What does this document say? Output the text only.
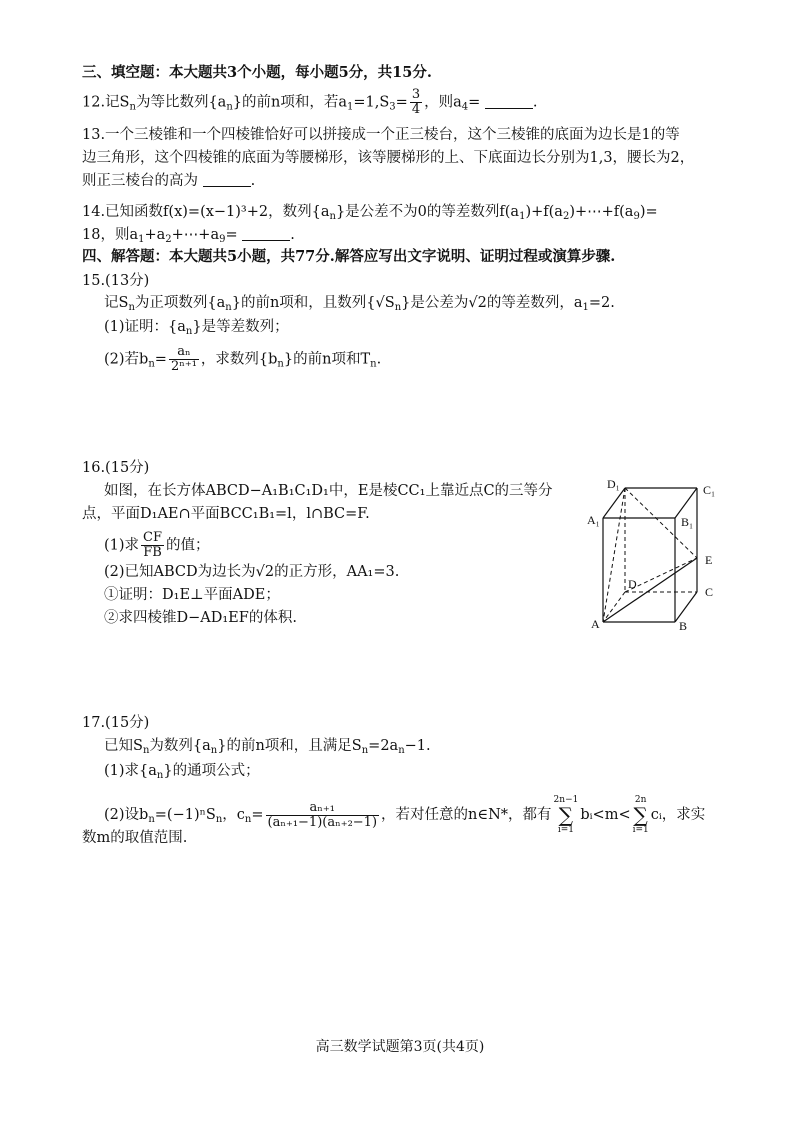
三、填空题：本大题共3个小题，每小题5分，共15分.
12.记$S_n$为等比数列$\{a_n\}$的前n项和，若$a_1=1,S_3= \frac{3}{4}$ ，则$a_4=$	.
13.一个三棱锥和一个四棱锥恰好可以拼接成一个正三棱台，这个三棱锥的底面为边长是1的等
边三角形，这个四棱锥的底面为等腰梯形，该等腰梯形的上、下底面边长分别为1,3，腰长为2，
则正三棱台的高为	.
14.已知函数f(x)=(x−1)³+2，数列$\{a_n\}$是公差不为0的等差数列$f(a_1)+f(a_2)+\cdots+f(a_9)=$
18，则$a_1+a_2+\cdots+a_9=$	.
四、解答题：本大题共5小题，共77分.解答应写出文字说明、证明过程或演算步骤.
15.(13分)
记$S_n$为正项数列$\{a_n\}$的前n项和，且数列$\{√S_n\}$是公差为√2的等差数列，$a_1=2$.
(1)证明：$\{a_n\}$是等差数列；
(2)若$b_n= \frac{\text{aₙ}}{\text{2ⁿ⁺¹}}$ ，求数列$\{b_n\}$的前n项和$T_n$.
16.(15分)
如图，在长方体ABCD−A₁B₁C₁D₁中，E是棱CC₁上靠近点C的三等分
点，平面D₁AE∩平面BCC₁B₁=l，l∩BC=F.
(1)求 $\frac{CF}{FB}$ 的值；
(2)已知ABCD为边长为√2的正方形，AA₁=3.
①证明：D₁E⊥平面ADE；
②求四棱锥D−AD₁EF的体积.
D₁	C₁
A₁	B₁
E
D
C
A	B
17.(15分)
已知$S_n$为数列$\{a_n\}$的前n项和，且满足$S_n=2a_n-1$.
(1)求$\{a_n\}$的通项公式；
(2)设$b_n=(-1)^nS_n$，$c_n= \frac{\text{aₙ₊₁}}{\text{(aₙ₊₁−1)(aₙ₊₂−1)}}$ ，若对任意的n∈N*，都有
2n−1
∑
i=1
bᵢ<m<
2n
∑
i=1
cᵢ，求实
数m的取值范围.
高三数学试题第3页(共4页)
